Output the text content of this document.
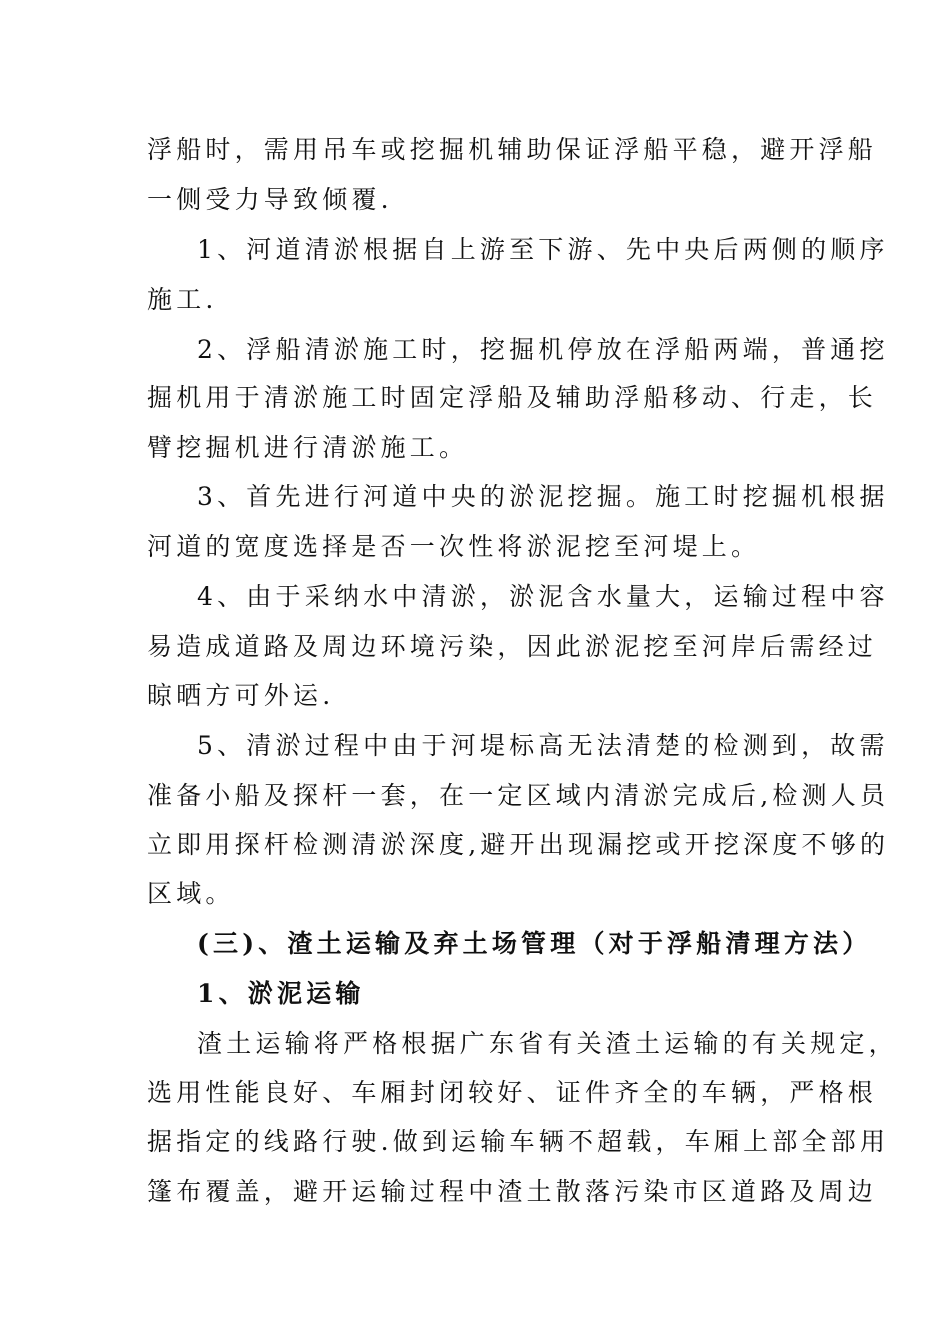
浮船时，需用吊车或挖掘机辅助保证浮船平稳，避开浮船
一侧受力导致倾覆.
1、河道清淤根据自上游至下游、先中央后两侧的顺序
施工.
2、浮船清淤施工时，挖掘机停放在浮船两端，普通挖
掘机用于清淤施工时固定浮船及辅助浮船移动、行走，长
臂挖掘机进行清淤施工。
3、首先进行河道中央的淤泥挖掘。施工时挖掘机根据
河道的宽度选择是否一次性将淤泥挖至河堤上。
4、由于采纳水中清淤，淤泥含水量大，运输过程中容
易造成道路及周边环境污染，因此淤泥挖至河岸后需经过
晾晒方可外运.
5、清淤过程中由于河堤标高无法清楚的检测到，故需
准备小船及探杆一套，在一定区域内清淤完成后,检测人员
立即用探杆检测清淤深度,避开出现漏挖或开挖深度不够的
区域。
(三)、渣土运输及弃土场管理（对于浮船清理方法）
1、淤泥运输
渣土运输将严格根据广东省有关渣土运输的有关规定，
选用性能良好、车厢封闭较好、证件齐全的车辆，严格根
据指定的线路行驶.做到运输车辆不超载，车厢上部全部用
篷布覆盖，避开运输过程中渣土散落污染市区道路及周边
